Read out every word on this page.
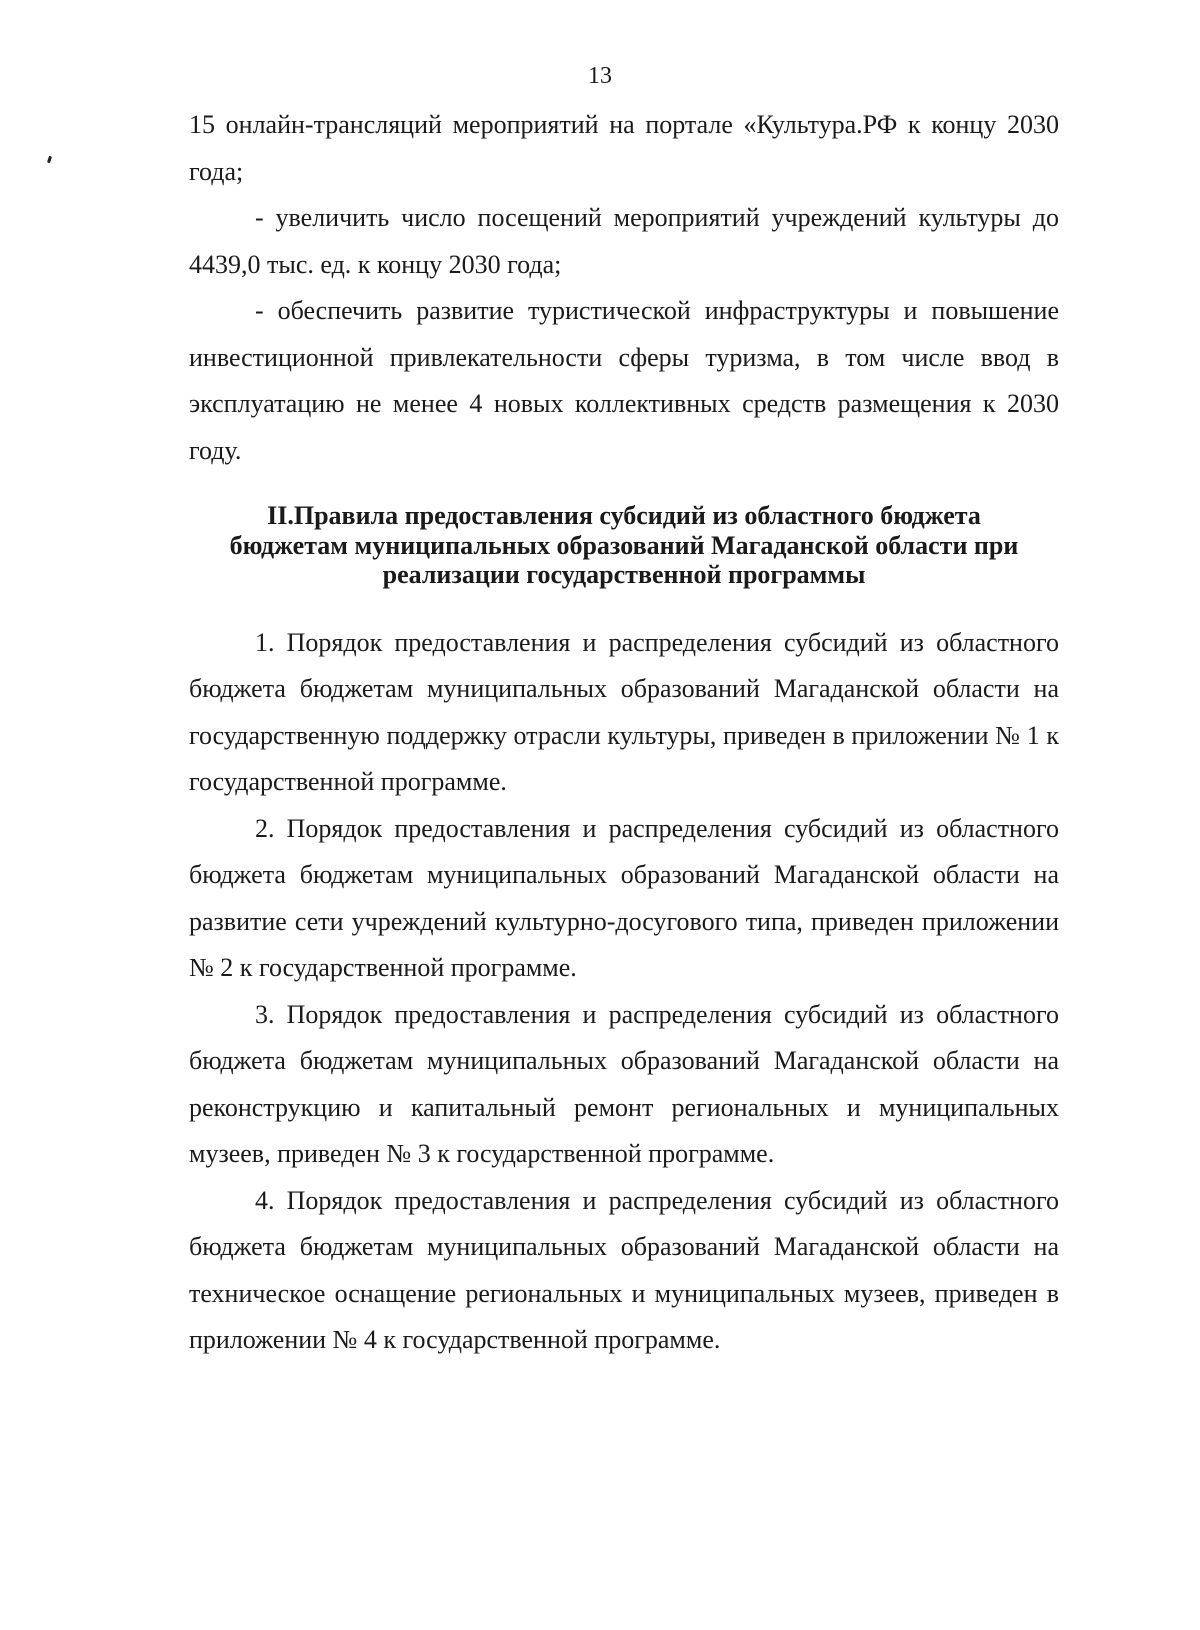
13

15 онлайн-трансляций мероприятий на портале «Культура.РФ к концу 2030 года;

- увеличить число посещений мероприятий учреждений культуры до 4439,0 тыс. ед. к концу 2030 года;

- обеспечить развитие туристической инфраструктуры и повышение инвестиционной привлекательности сферы туризма, в том числе ввод в эксплуатацию не менее 4 новых коллективных средств размещения к 2030 году.

II.Правила предоставления субсидий из областного бюджета
бюджетам муниципальных образований Магаданской области при
реализации государственной программы

1. Порядок предоставления и распределения субсидий из областного бюджета бюджетам муниципальных образований Магаданской области на государственную поддержку отрасли культуры, приведен в приложении № 1 к государственной программе.

2. Порядок предоставления и распределения субсидий из областного бюджета бюджетам муниципальных образований Магаданской области на развитие сети учреждений культурно-досугового типа, приведен приложении № 2 к государственной программе.

3. Порядок предоставления и распределения субсидий из областного бюджета бюджетам муниципальных образований Магаданской области на реконструкцию и капитальный ремонт региональных и муниципальных музеев, приведен № 3 к государственной программе.

4. Порядок предоставления и распределения субсидий из областного бюджета бюджетам муниципальных образований Магаданской области на техническое оснащение региональных и муниципальных музеев, приведен в приложении № 4 к государственной программе.
